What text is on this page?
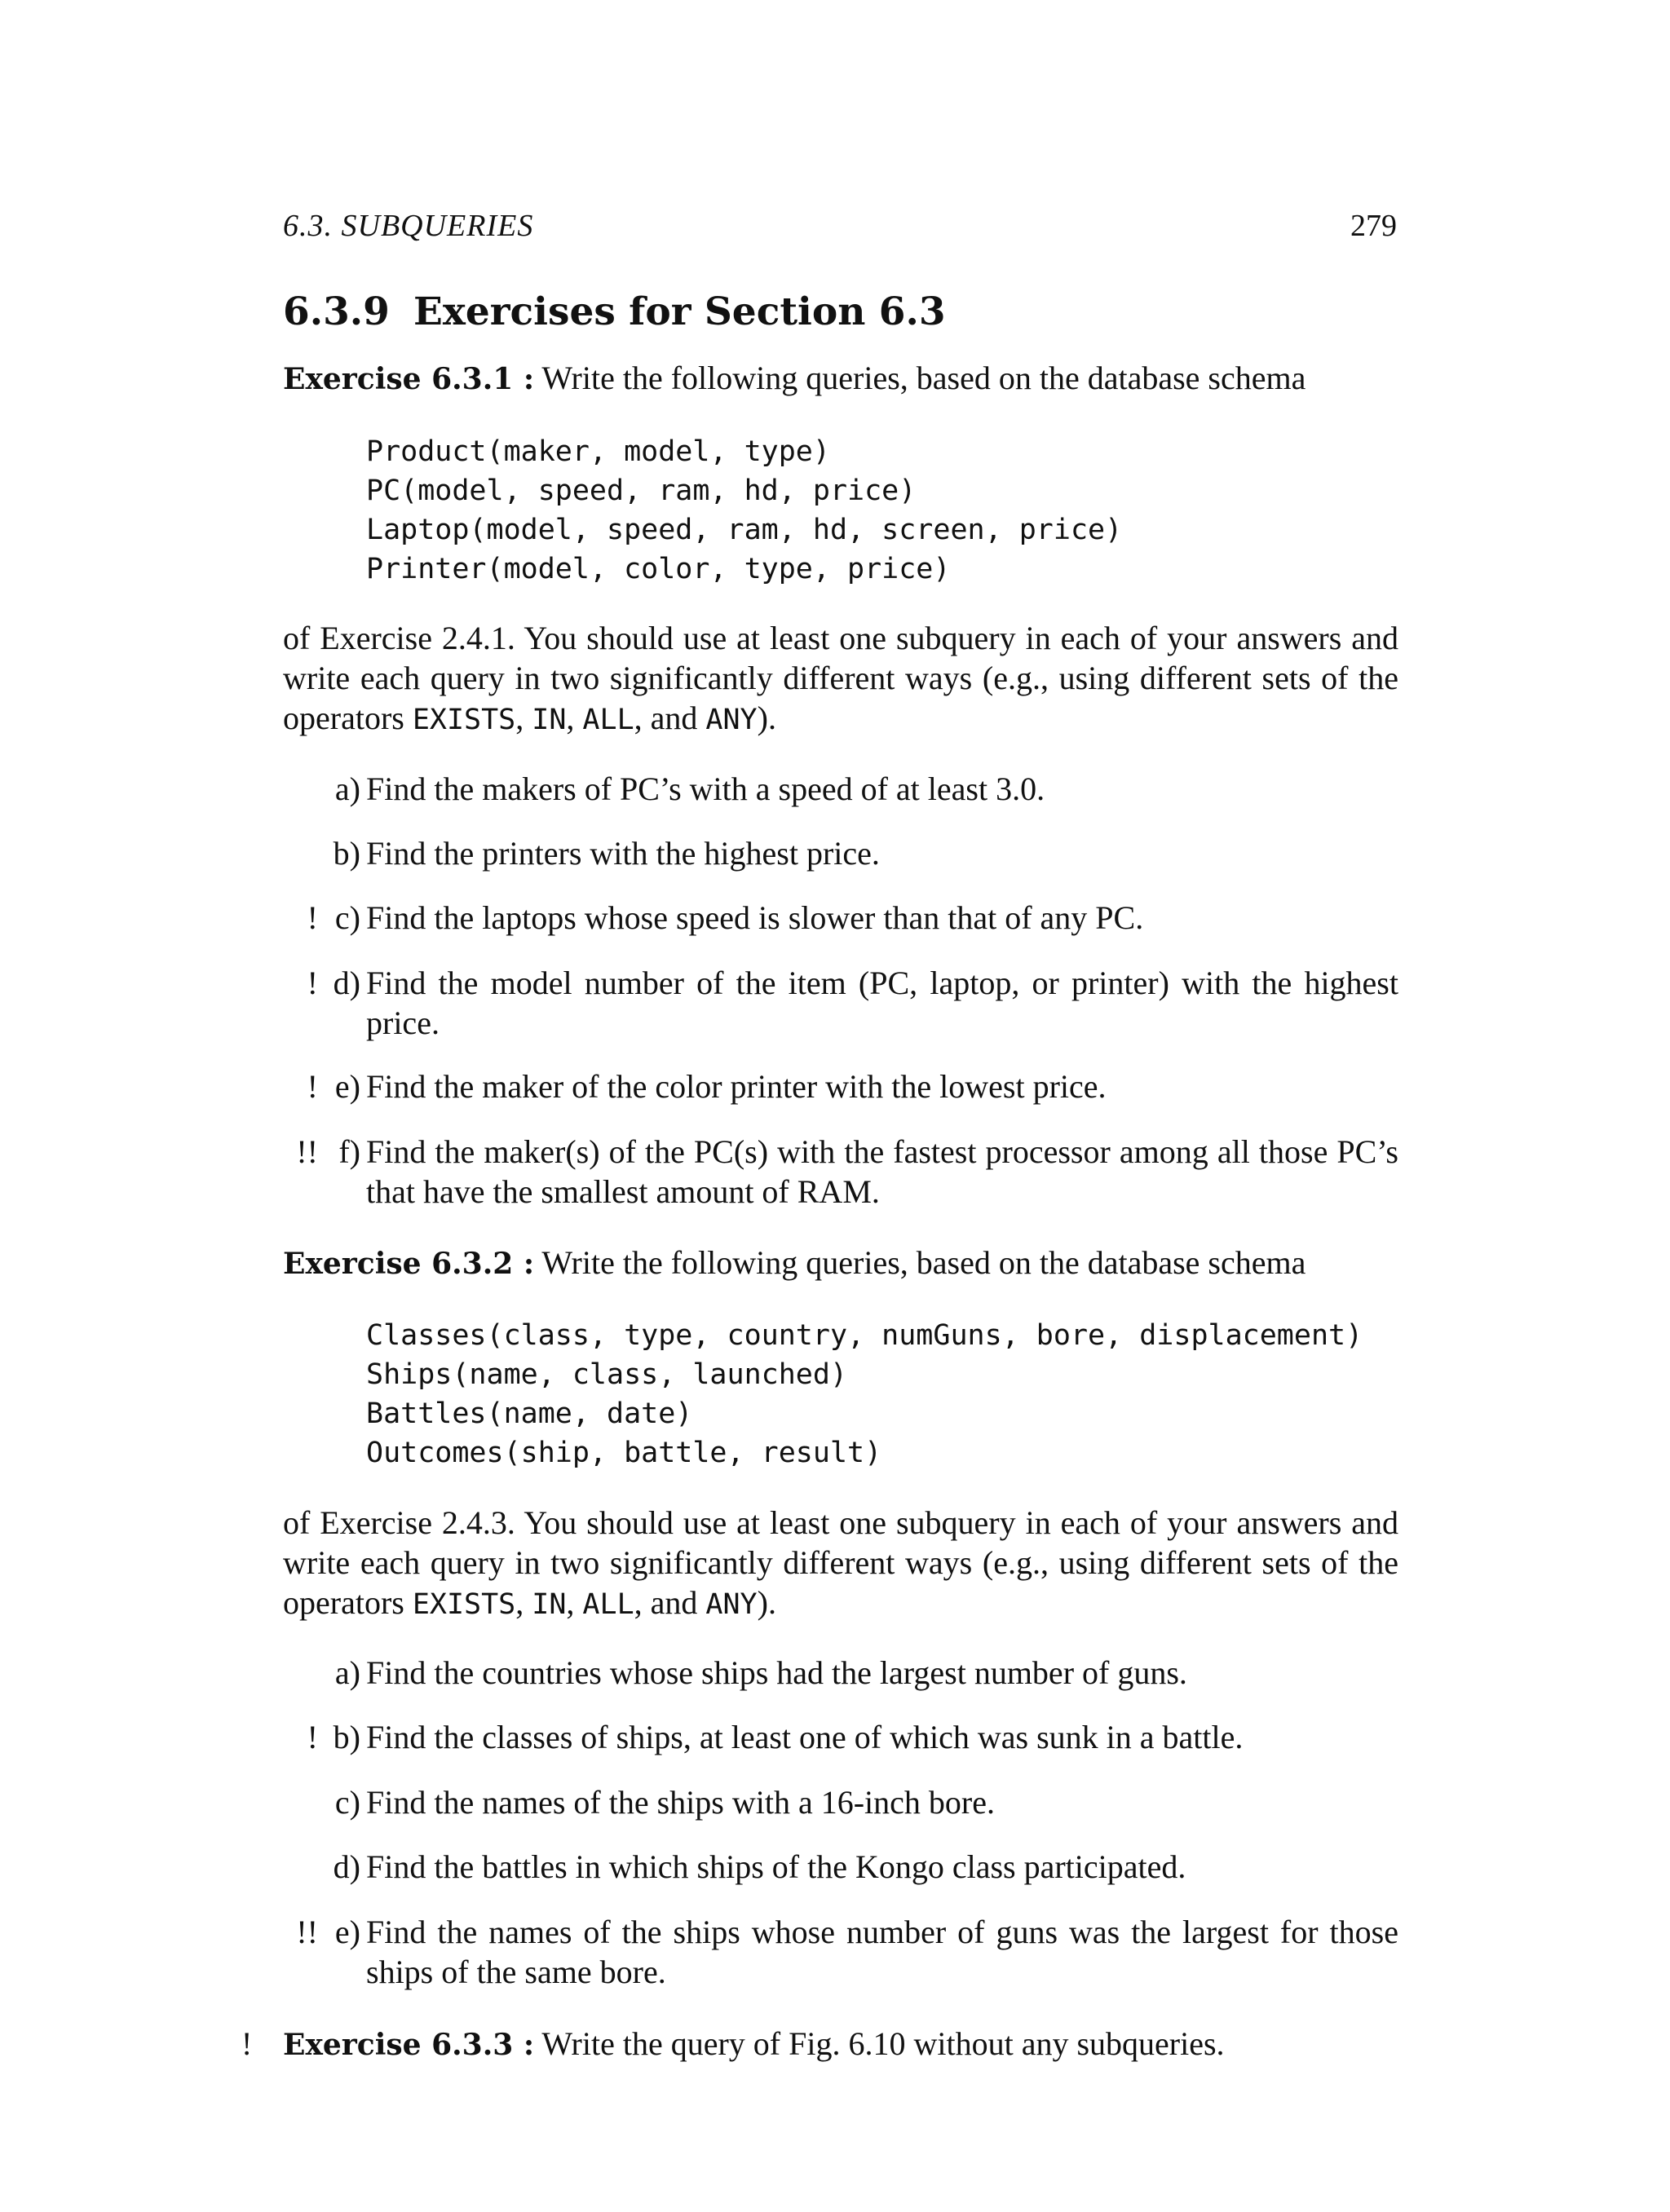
6.3. SUBQUERIES	279
6.3.9 Exercises for Section 6.3
Exercise 6.3.1 : Write the following queries, based on the database schema
Product(maker, model, type)
PC(model, speed, ram, hd, price)
Laptop(model, speed, ram, hd, screen, price)
Printer(model, color, type, price)
of Exercise 2.4.1. You should use at least one subquery in each of your answers and write each query in two significantly different ways (e.g., using different sets of the operators EXISTS, IN, ALL, and ANY).
a) Find the makers of PC’s with a speed of at least 3.0.
b) Find the printers with the highest price.
! c) Find the laptops whose speed is slower than that of any PC.
! d) Find the model number of the item (PC, laptop, or printer) with the highest price.
! e) Find the maker of the color printer with the lowest price.
!! f) Find the maker(s) of the PC(s) with the fastest processor among all those PC’s that have the smallest amount of RAM.
Exercise 6.3.2 : Write the following queries, based on the database schema
Classes(class, type, country, numGuns, bore, displacement)
Ships(name, class, launched)
Battles(name, date)
Outcomes(ship, battle, result)
of Exercise 2.4.3. You should use at least one subquery in each of your answers and write each query in two significantly different ways (e.g., using different sets of the operators EXISTS, IN, ALL, and ANY).
a) Find the countries whose ships had the largest number of guns.
! b) Find the classes of ships, at least one of which was sunk in a battle.
c) Find the names of the ships with a 16-inch bore.
d) Find the battles in which ships of the Kongo class participated.
!! e) Find the names of the ships whose number of guns was the largest for those ships of the same bore.
! Exercise 6.3.3 : Write the query of Fig. 6.10 without any subqueries.
